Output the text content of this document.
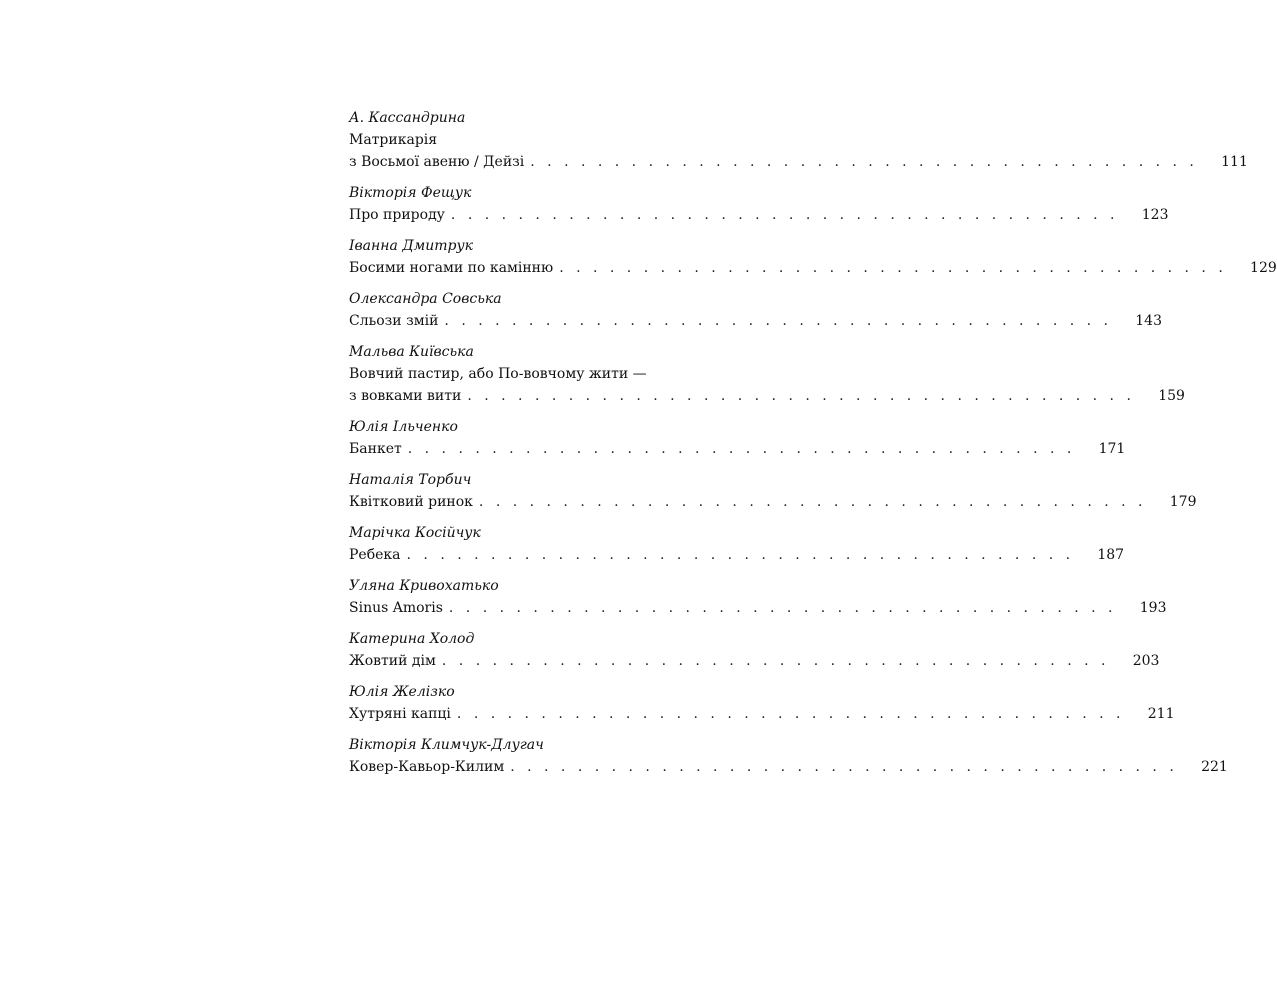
А. Кассандрина
Матрикарія
з Восьмої авеню / Дейзі . . . . . . . . . . . . . . . . . . . . . . . . . . . . . . . . . . . . . . . . 111
Вікторія Фещук
Про природу . . . . . . . . . . . . . . . . . . . . . . . . . . . . . . . . . . . . . . . . 123
Іванна Дмитрук
Босими ногами по камінню . . . . . . . . . . . . . . . . . . . . . . . . . . . . . . . . . . . . . . . . 129
Олександра Совська
Сльози змій . . . . . . . . . . . . . . . . . . . . . . . . . . . . . . . . . . . . . . . . 143
Мальва Київська
Вовчий пастир, або По-вовчому жити —
з вовками вити . . . . . . . . . . . . . . . . . . . . . . . . . . . . . . . . . . . . . . . . 159
Юлія Ільченко
Банкет . . . . . . . . . . . . . . . . . . . . . . . . . . . . . . . . . . . . . . . . 171
Наталія Торбич
Квітковий ринок . . . . . . . . . . . . . . . . . . . . . . . . . . . . . . . . . . . . . . . . 179
Марічка Косійчук
Ребека . . . . . . . . . . . . . . . . . . . . . . . . . . . . . . . . . . . . . . . . 187
Уляна Кривохатько
Sinus Amoris . . . . . . . . . . . . . . . . . . . . . . . . . . . . . . . . . . . . . . . . 193
Катерина Холод
Жовтий дім . . . . . . . . . . . . . . . . . . . . . . . . . . . . . . . . . . . . . . . . 203
Юлія Желізко
Хутряні капці . . . . . . . . . . . . . . . . . . . . . . . . . . . . . . . . . . . . . . . . 211
Вікторія Климчук-Длугач
Ковер-Кавьор-Килим . . . . . . . . . . . . . . . . . . . . . . . . . . . . . . . . . . . . . . . . 221
